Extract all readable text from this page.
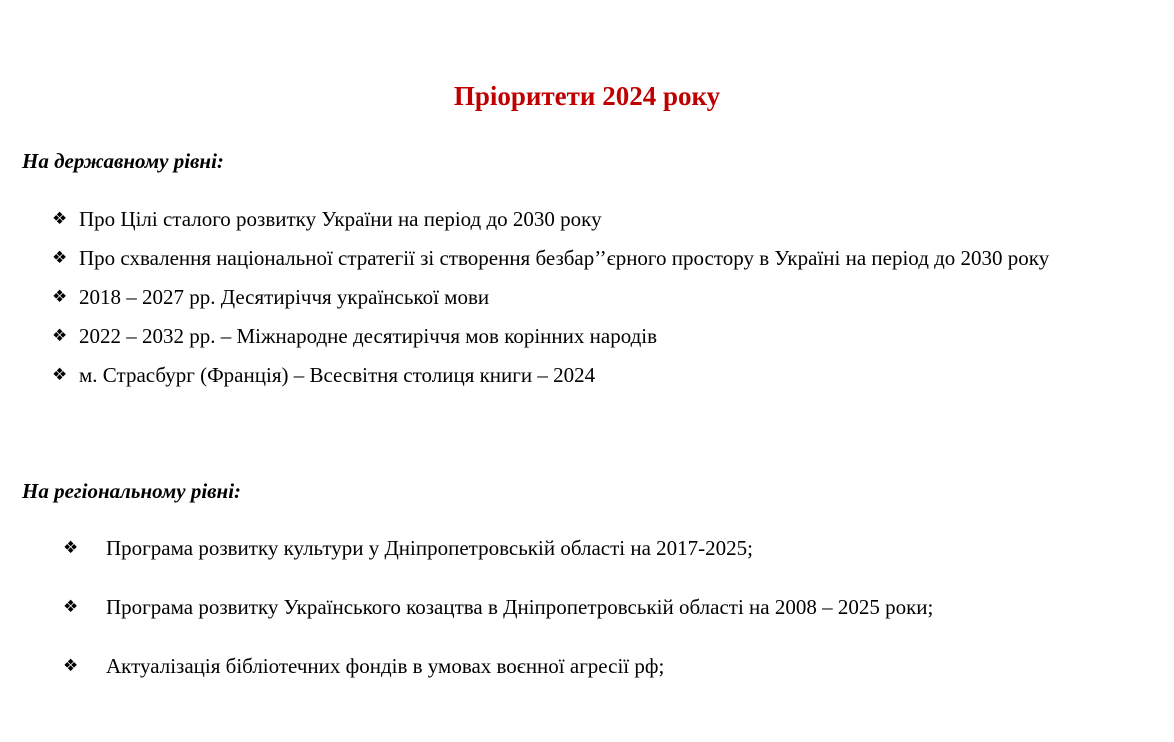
Пріоритети 2024 року
На державному рівні:
❖ Про Цілі сталого розвитку України на період до 2030 року
❖ Про схвалення національної стратегії зі створення безбар’’єрного простору в Україні на період до 2030 року
❖ 2018 – 2027 рр. Десятиріччя української мови
❖ 2022 – 2032 рр. – Міжнародне десятиріччя мов корінних народів
❖ м. Страсбург (Франція) – Всесвітня столиця книги – 2024
На регіональному рівні:
❖ Програма розвитку культури у Дніпропетровській області на 2017-2025;
❖ Програма розвитку Українського козацтва в Дніпропетровській області на 2008 – 2025 роки;
❖ Актуалізація бібліотечних фондів в умовах воєнної агресії рф;
